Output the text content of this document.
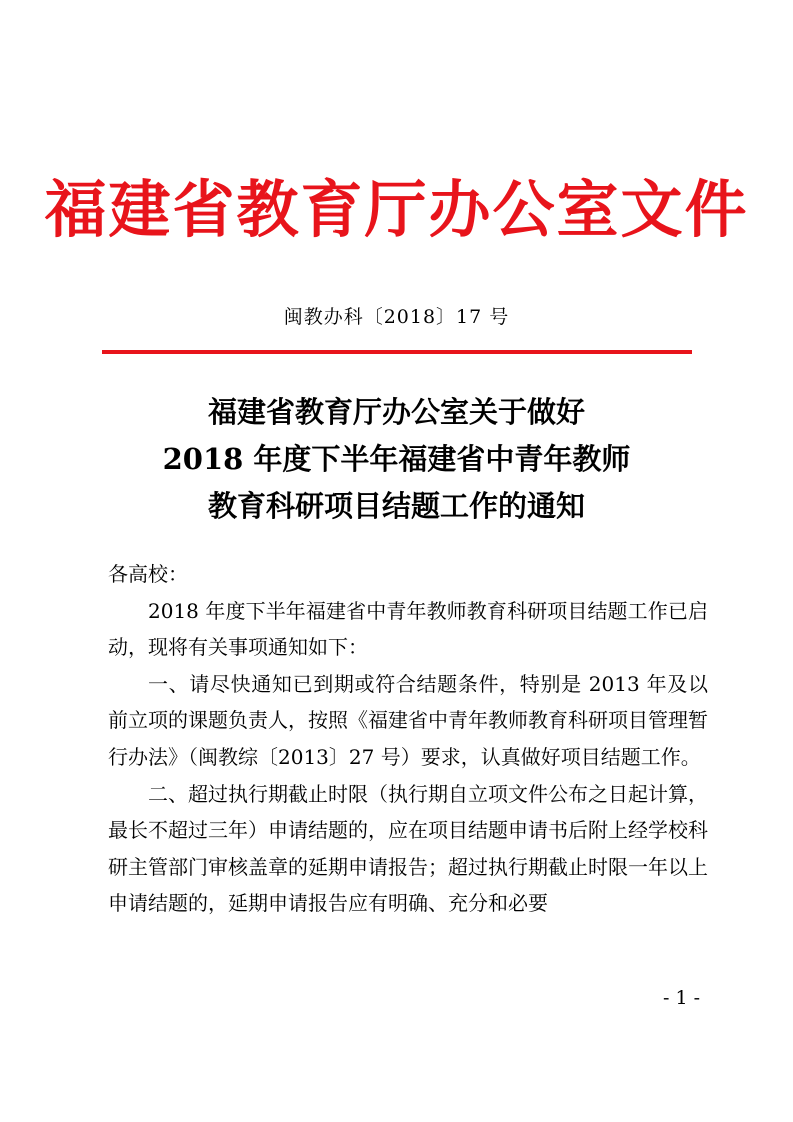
福建省教育厅办公室文件
闽教办科〔2018〕17 号
福建省教育厅办公室关于做好
2018 年度下半年福建省中青年教师
教育科研项目结题工作的通知

各高校：

2018 年度下半年福建省中青年教师教育科研项目结题工作已启动，现将有关事项通知如下：

一、请尽快通知已到期或符合结题条件，特别是 2013 年及以前立项的课题负责人，按照《福建省中青年教师教育科研项目管理暂行办法》（闽教综〔2013〕27 号）要求，认真做好项目结题工作。

二、超过执行期截止时限（执行期自立项文件公布之日起计算，最长不超过三年）申请结题的，应在项目结题申请书后附上经学校科研主管部门审核盖章的延期申请报告；超过执行期截止时限一年以上申请结题的，延期申请报告应有明确、充分和必要

- 1 -
